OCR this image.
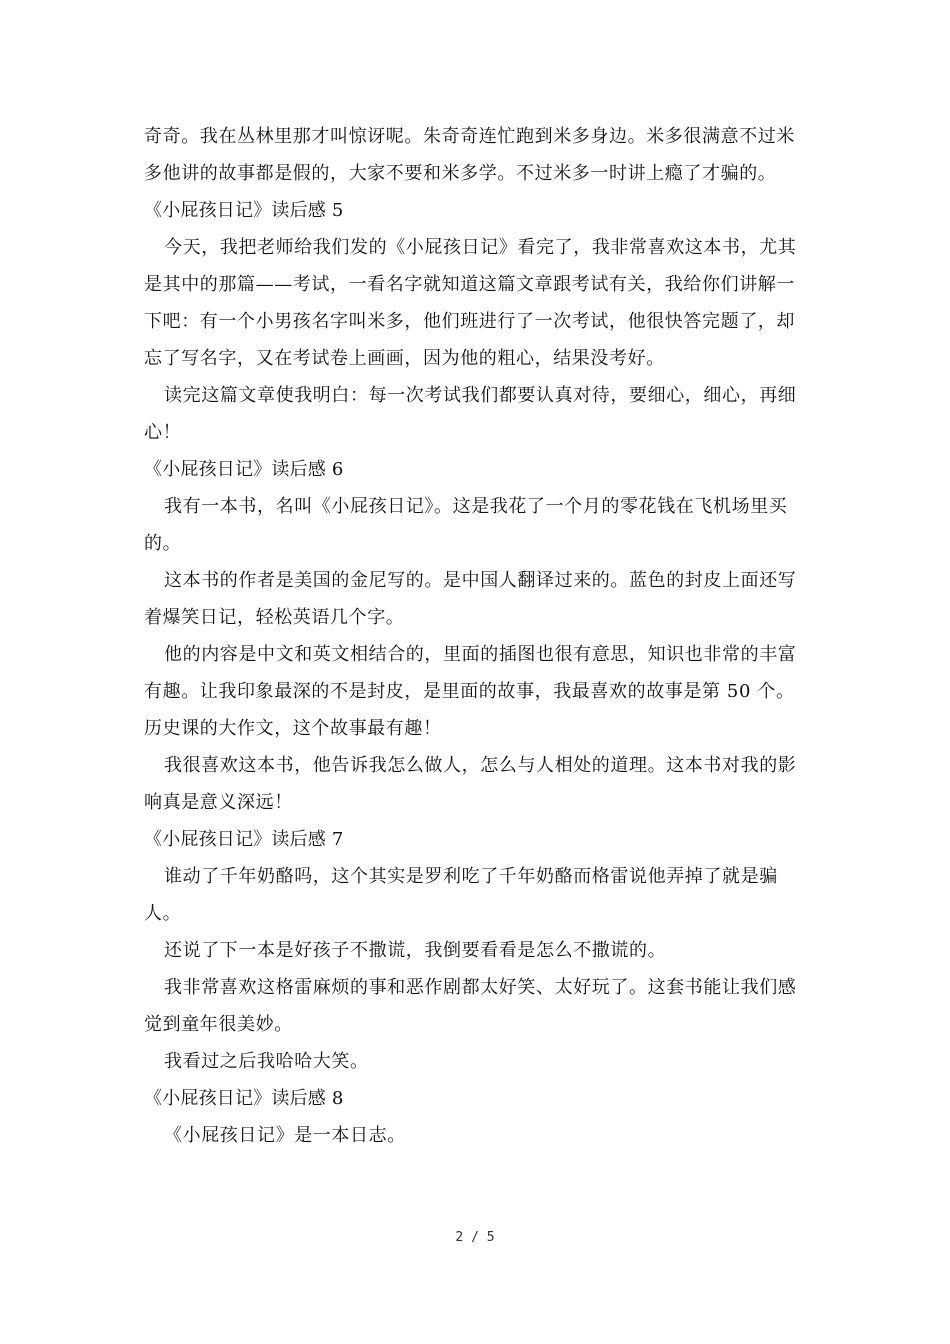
奇奇。我在丛林里那才叫惊讶呢。朱奇奇连忙跑到米多身边。米多很满意不过米
多他讲的故事都是假的，大家不要和米多学。不过米多一时讲上瘾了才骗的。
《小屁孩日记》读后感 5
今天，我把老师给我们发的《小屁孩日记》看完了，我非常喜欢这本书，尤其
是其中的那篇——考试，一看名字就知道这篇文章跟考试有关，我给你们讲解一
下吧：有一个小男孩名字叫米多，他们班进行了一次考试，他很快答完题了，却
忘了写名字，又在考试卷上画画，因为他的粗心，结果没考好。
读完这篇文章使我明白：每一次考试我们都要认真对待，要细心，细心，再细
心！
《小屁孩日记》读后感 6
我有一本书，名叫《小屁孩日记》。这是我花了一个月的零花钱在飞机场里买
的。
这本书的作者是美国的金尼写的。是中国人翻译过来的。蓝色的封皮上面还写
着爆笑日记，轻松英语几个字。
他的内容是中文和英文相结合的，里面的插图也很有意思，知识也非常的丰富
有趣。让我印象最深的不是封皮，是里面的故事，我最喜欢的故事是第 50 个。
历史课的大作文，这个故事最有趣！
我很喜欢这本书，他告诉我怎么做人，怎么与人相处的道理。这本书对我的影
响真是意义深远！
《小屁孩日记》读后感 7
谁动了千年奶酪吗，这个其实是罗利吃了千年奶酪而格雷说他弄掉了就是骗
人。
还说了下一本是好孩子不撒谎，我倒要看看是怎么不撒谎的。
我非常喜欢这格雷麻烦的事和恶作剧都太好笑、太好玩了。这套书能让我们感
觉到童年很美妙。
我看过之后我哈哈大笑。
《小屁孩日记》读后感 8
《小屁孩日记》是一本日志。
2 / 5
